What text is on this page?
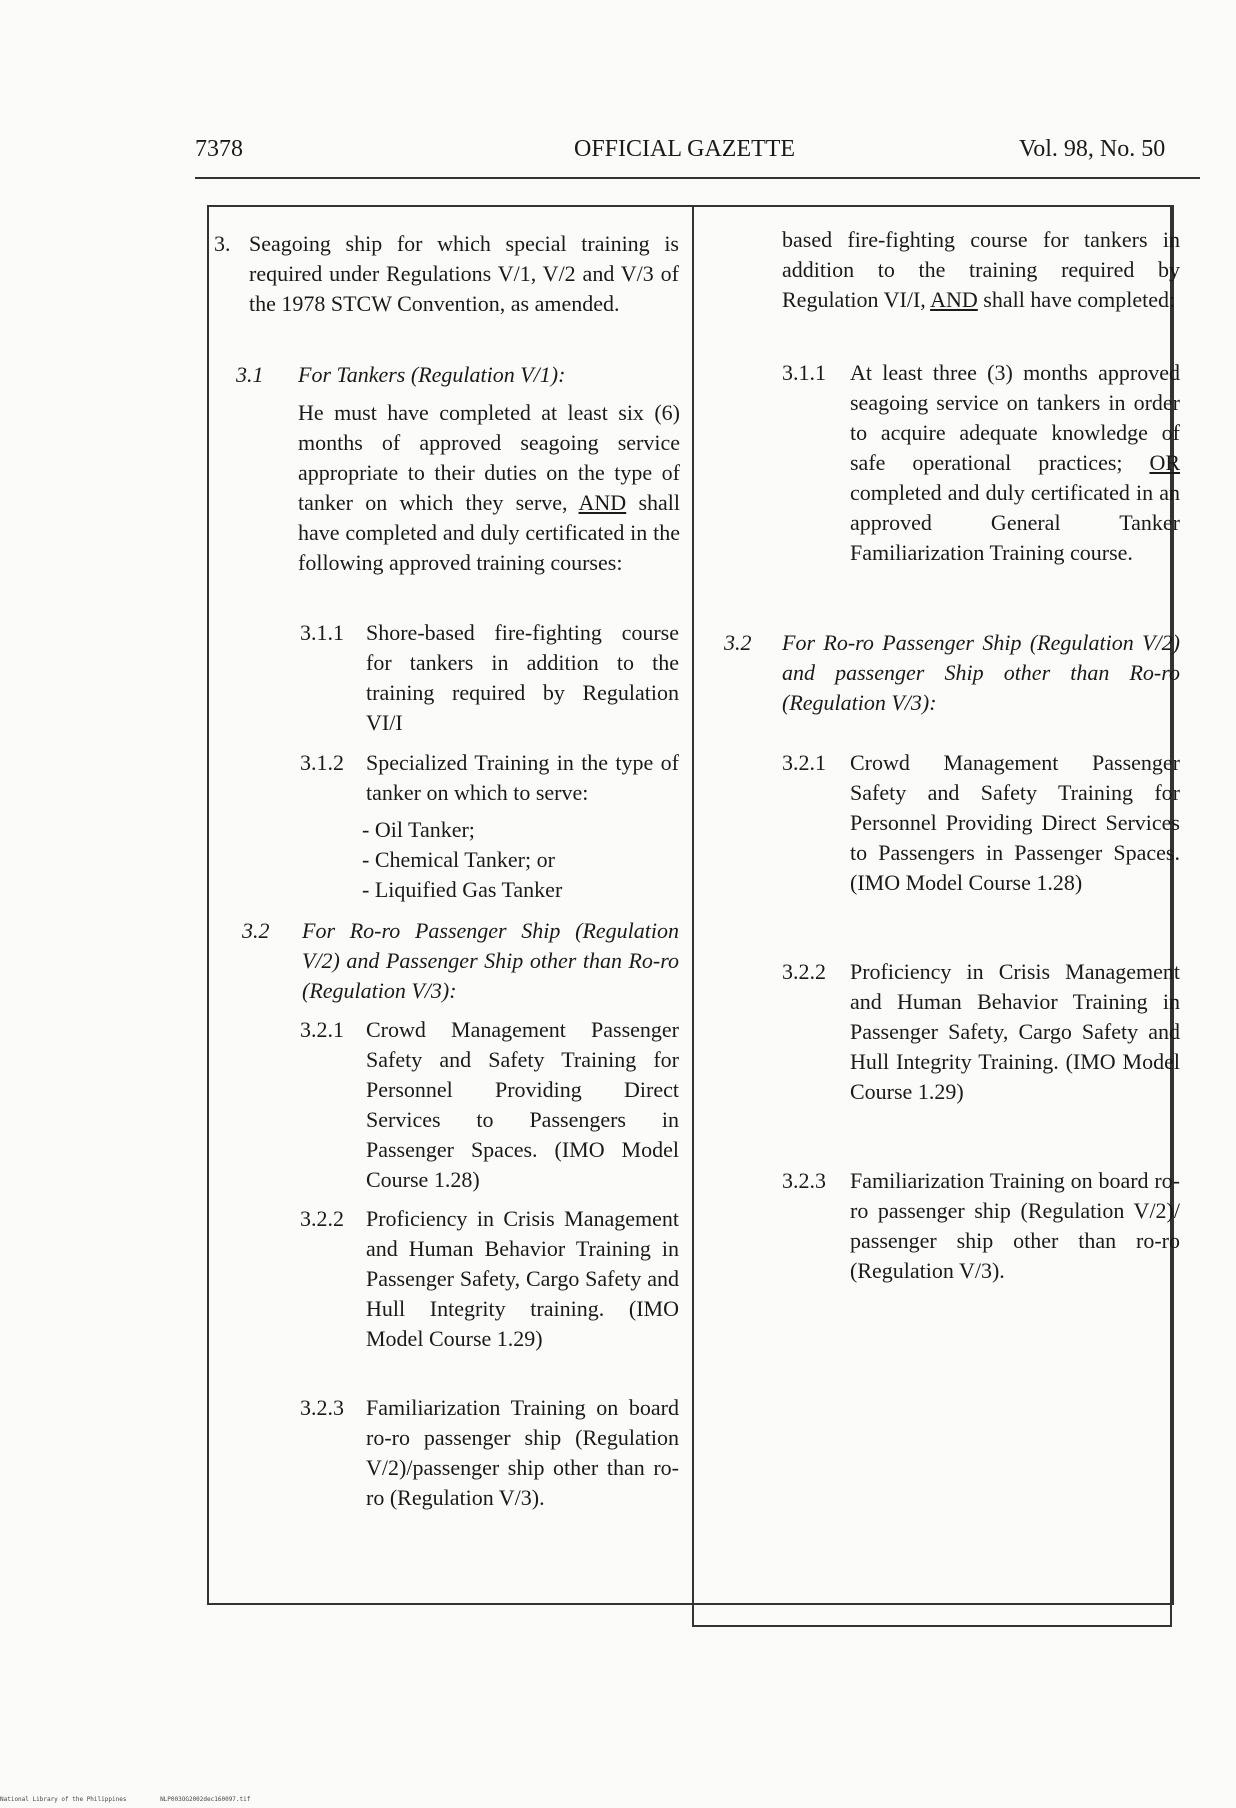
7378	OFFICIAL GAZETTE	Vol. 98, No. 50
3. Seagoing ship for which special training is required under Regulations V/1, V/2 and V/3 of the 1978 STCW Convention, as amended.
3.1 For Tankers (Regulation V/1):
He must have completed at least six (6) months of approved seagoing service appropriate to their duties on the type of tanker on which they serve, AND shall have completed and duly certificated in the following approved training courses:
3.1.1 Shore-based fire-fighting course for tankers in addition to the training required by Regulation VI/I
3.1.2 Specialized Training in the type of tanker on which to serve:
- Oil Tanker;
- Chemical Tanker; or
- Liquified Gas Tanker
3.2 For Ro-ro Passenger Ship (Regulation V/2) and Passenger Ship other than Ro-ro (Regulation V/3):
3.2.1 Crowd Management Passenger Safety and Safety Training for Personnel Providing Direct Services to Passengers in Passenger Spaces. (IMO Model Course 1.28)
3.2.2 Proficiency in Crisis Management and Human Behavior Training in Passenger Safety, Cargo Safety and Hull Integrity training. (IMO Model Course 1.29)
3.2.3 Familiarization Training on board ro-ro passenger ship (Regulation V/2)/passenger ship other than ro-ro (Regulation V/3).
based fire-fighting course for tankers in addition to the training required by Regulation VI/I, AND shall have completed:
3.1.1 At least three (3) months approved seagoing service on tankers in order to acquire adequate knowledge of safe operational practices; OR completed and duly certificated in an approved General Tanker Familiarization Training course.
3.2 For Ro-ro Passenger Ship (Regulation V/2) and passenger Ship other than Ro-ro (Regulation V/3):
3.2.1 Crowd Management Passenger Safety and Safety Training for Personnel Providing Direct Services to Passengers in Passenger Spaces. (IMO Model Course 1.28)
3.2.2 Proficiency in Crisis Management and Human Behavior Training in Passenger Safety, Cargo Safety and Hull Integrity Training. (IMO Model Course 1.29)
3.2.3 Familiarization Training on board ro-ro passenger ship (Regulation V/2)/ passenger ship other than ro-ro (Regulation V/3).
National Library of the Philippines	NLP003OG2002dec160097.tif
